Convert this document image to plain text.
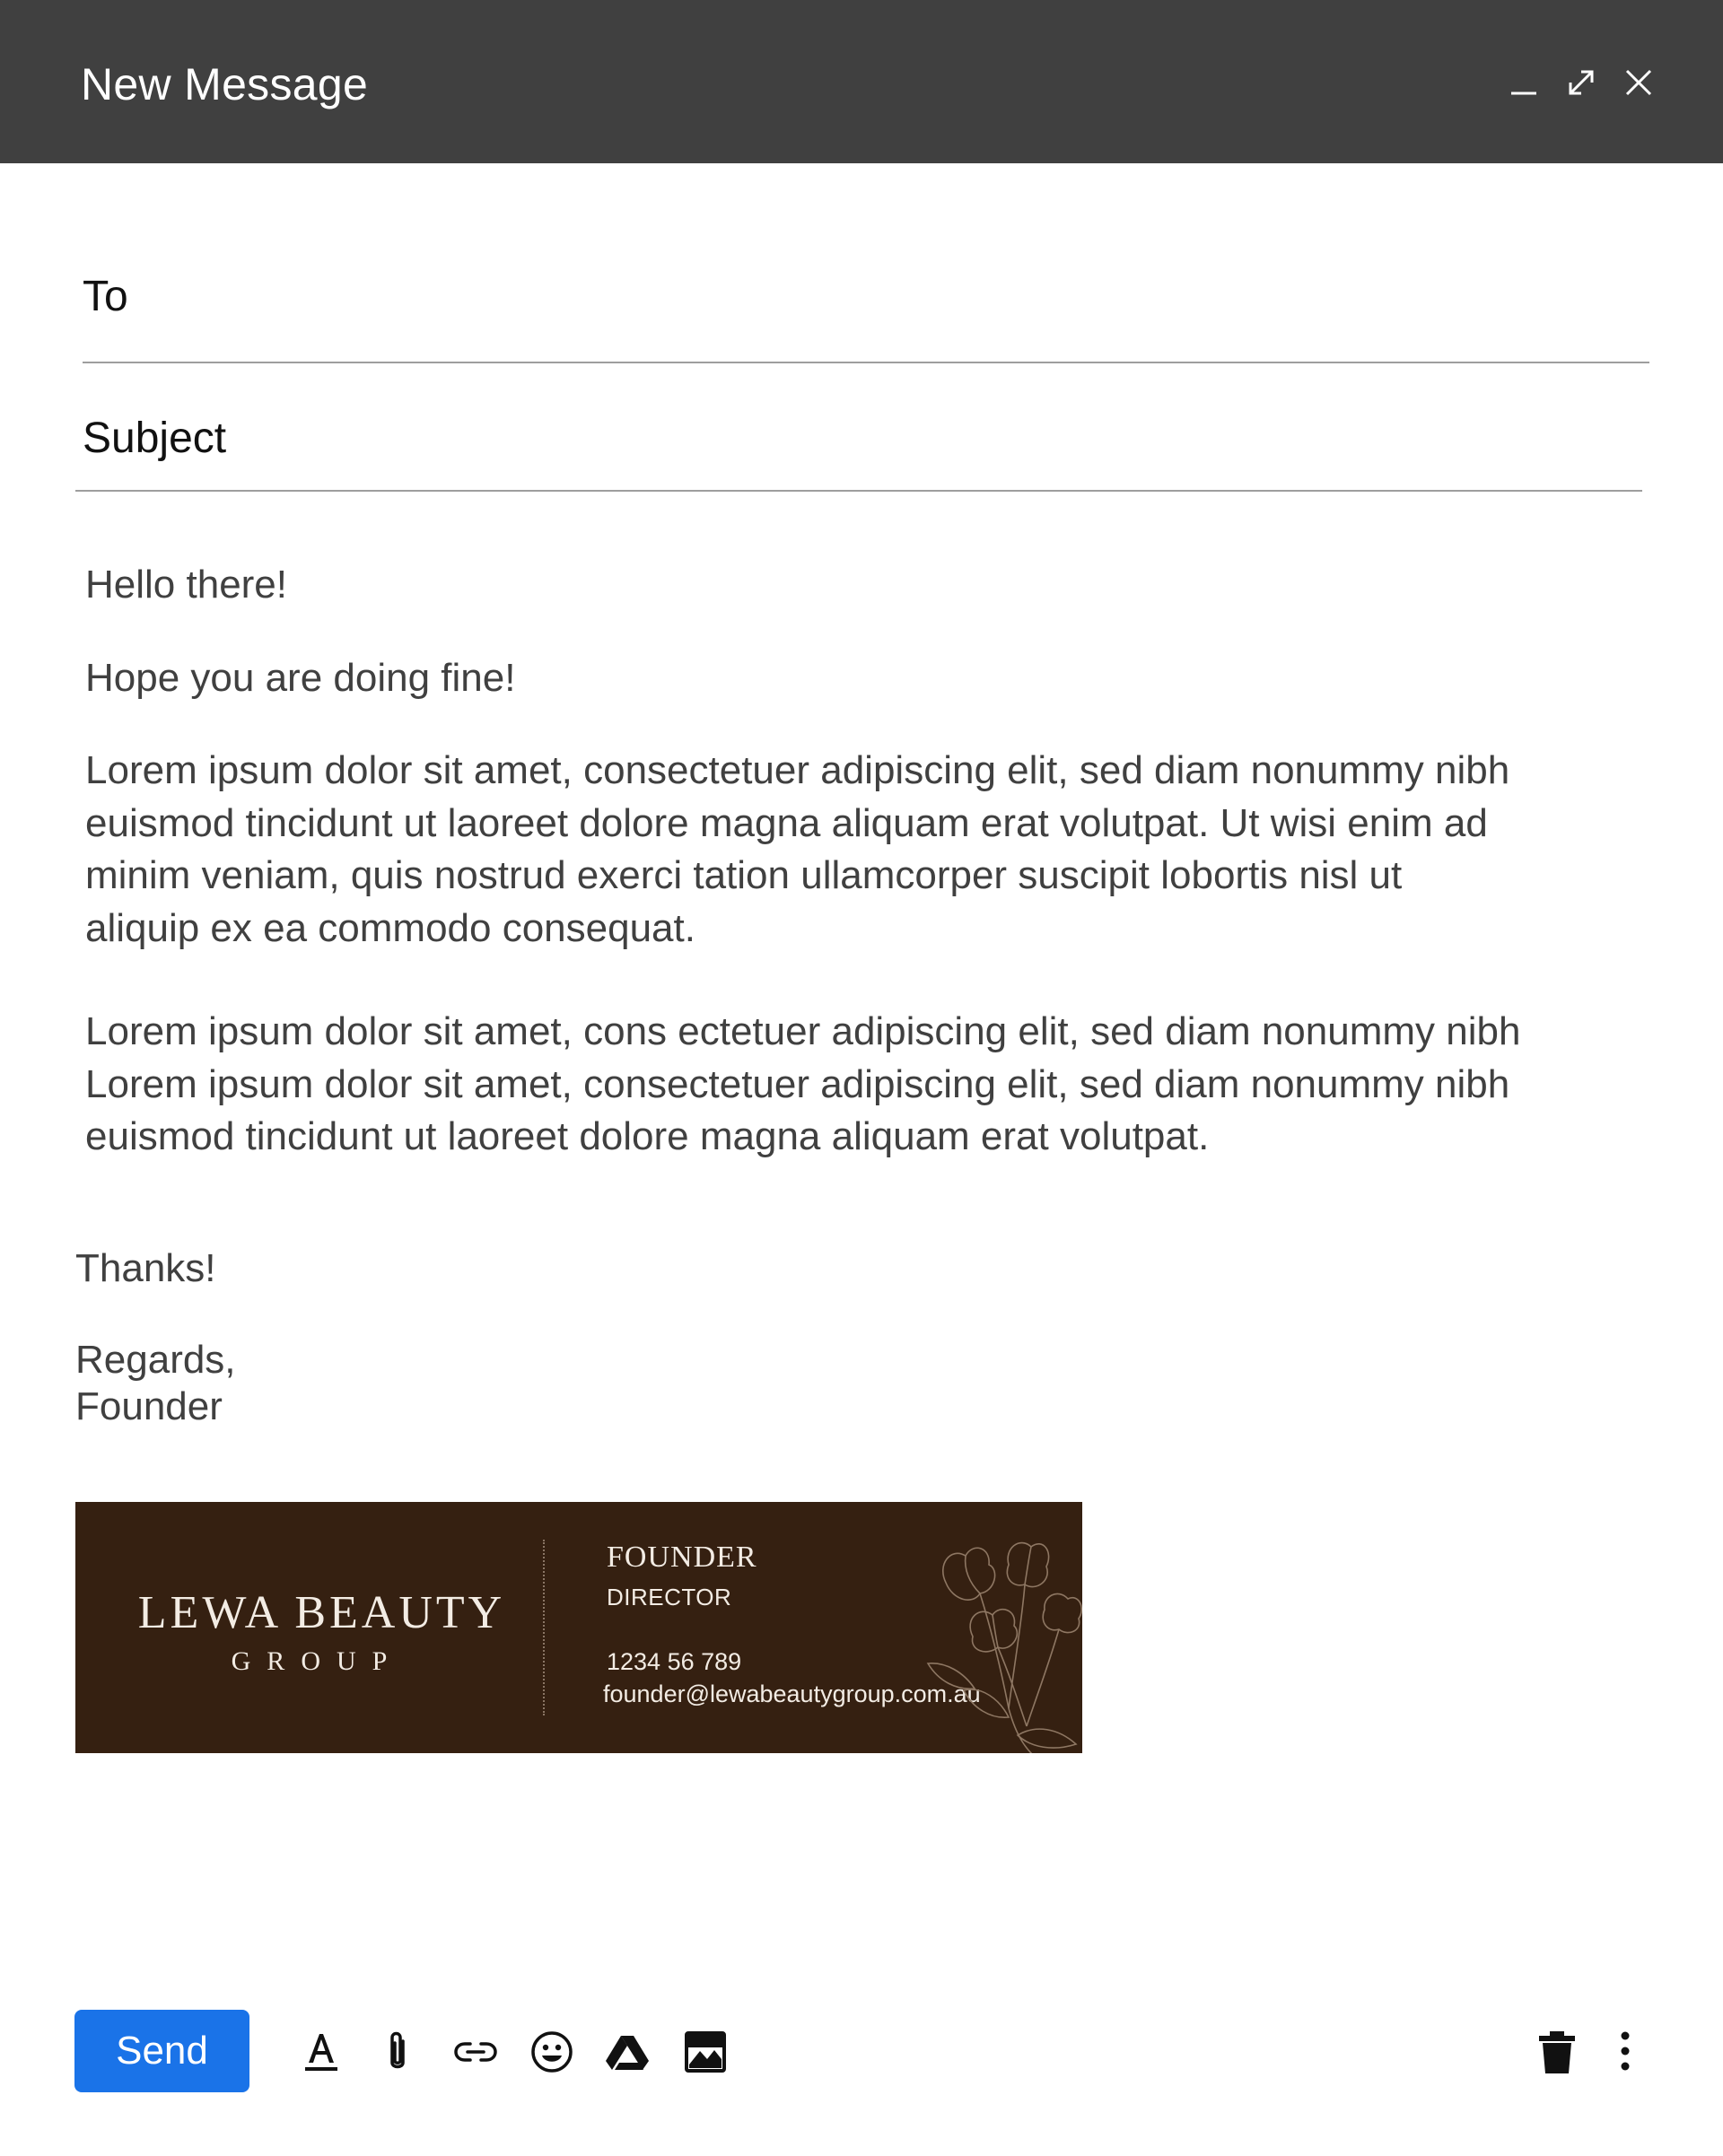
New Message
To
Subject
Hello there!
Hope you are doing fine!

Lorem ipsum dolor sit amet, consectetuer adipiscing elit, sed diam nonummy nibh

euismod tincidunt ut laoreet dolore magna aliquam erat volutpat. Ut wisi enim ad

minim veniam, quis nostrud exerci tation ullamcorper suscipit lobortis nisl ut

aliquip ex ea commodo consequat.

Lorem ipsum dolor sit amet, cons ectetuer adipiscing elit, sed diam nonummy nibh

Lorem ipsum dolor sit amet, consectetuer adipiscing elit, sed diam nonummy nibh

euismod tincidunt ut laoreet dolore magna aliquam erat volutpat.

Thanks!
Regards,
Founder
LEWA BEAUTY
GROUP
FOUNDER
DIRECTOR
1234 56 789
founder@lewabeautygroup.com.au
Send
